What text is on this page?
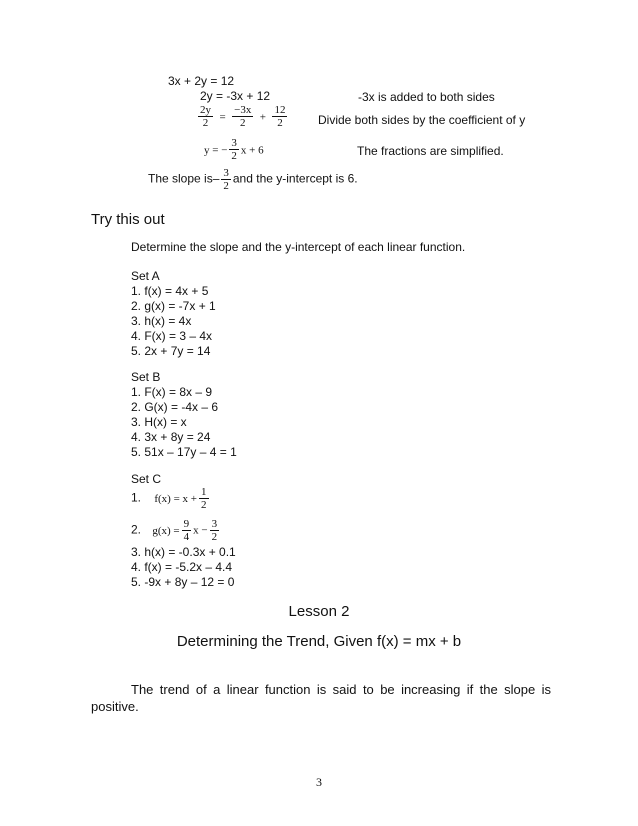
3x + 2y = 12
2y = -3x + 12	-3x is added to both sides
$\frac{2y}{2} = \frac{-3x}{2} + \frac{12}{2}$	Divide both sides by the coefficient of y
y = − $\frac{3}{2}$ x + 6	The fractions are simplified.
The slope $is- \frac{3}{2}$ and the y-intercept is 6.
Try this out
Determine the slope and the y-intercept of each linear function.
Set A
1. f(x) = 4x + 5
2. g(x) = -7x + 1
3. h(x) = 4x
4. F(x) = 3 – 4x
5. 2x + 7y = 14
Set B
1. F(x) = 8x – 9
2. G(x) = -4x – 6
3. H(x) = x
4. 3x + 8y = 24
5. 51x – 17y – 4 = 1
Set C
1. $f(x) = x + \frac{1}{2}$
2. $g(x) = \frac{9}{4}$ $x - \frac{3}{2}$
3. h(x) = -0.3x + 0.1
4. f(x) = -5.2x – 4.4
5. -9x + 8y – 12 = 0
Lesson 2
Determining the Trend, Given f(x) = mx + b
The trend of a linear function is said to be increasing if the slope is positive.
3
